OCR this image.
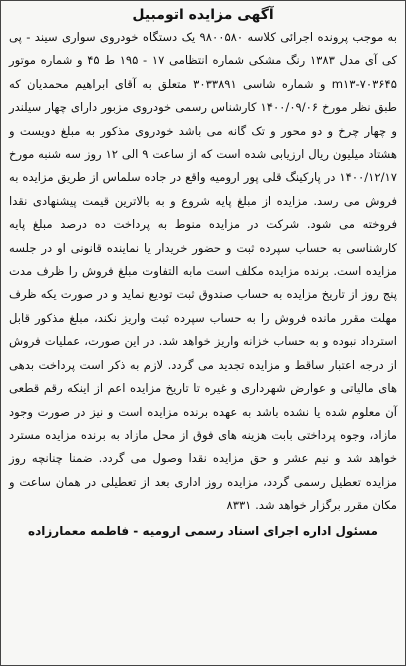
آگهی مزایده اتومبیل
به موجب پرونده اجرائی کلاسه ۹۸۰۰۵۸۰ یک دستگاه خودروی سواری سیند - پی کی آی مدل ۱۳۸۳ رنگ مشکی شماره انتظامی ۱۷ - ۱۹۵ ط ۴۵ و شماره موتور ۷۰۳۶۴۵-m۱۳ و شماره شاسی ۳۰۳۳۸۹۱ متعلق به آقای ابراهیم محمدیان که طبق نظر مورخ ۱۴۰۰/۰۹/۰۶ کارشناس رسمی خودروی مزبور دارای چهار سیلندر و چهار چرخ و دو محور و تک گانه می باشد خودروی مذکور به مبلغ دویست و هشتاد میلیون ریال ارزیابی شده است که از ساعت ۹ الی ۱۲ روز سه شنبه مورخ ۱۴۰۰/۱۲/۱۷ در پارکینگ قلی پور ارومیه واقع در جاده سلماس از طریق مزایده به فروش می رسد. مزایده از مبلغ پایه شروع و به بالاترین قیمت پیشنهادی نقدا فروخته می شود. شرکت در مزایده منوط به پرداخت ده درصد مبلغ پایه کارشناسی به حساب سپرده ثبت و حضور خریدار یا نماینده قانونی او در جلسه مزایده است. برنده مزایده مکلف است مابه التفاوت مبلغ فروش را ظرف مدت پنج روز از تاریخ مزایده به حساب صندوق ثبت تودیع نماید و در صورت یکه ظرف مهلت مقرر مانده فروش را به حساب سپرده ثبت واریز نکند، مبلغ مذکور قابل استرداد نبوده و به حساب خزانه واریز خواهد شد. در این صورت، عملیات فروش از درجه اعتبار ساقط و مزایده تجدید می گردد. لازم به ذکر است پرداخت بدهی های مالیاتی و عوارض شهرداری و غیره تا تاریخ مزایده اعم از اینکه رقم قطعی آن معلوم شده یا نشده باشد به عهده برنده مزایده است و نیز در صورت وجود مازاد، وجوه پرداختی بابت هزینه های فوق از محل مازاد به برنده مزایده مسترد خواهد شد و نیم عشر و حق مزایده نقدا وصول می گردد. ضمنا چنانچه روز مزایده تعطیل رسمی گردد، مزایده روز اداری بعد از تعطیلی در همان ساعت و مکان مقرر برگزار خواهد شد. ۸۳۳۱
مسئول اداره اجرای اسناد رسمی ارومیه - فاطمه معمارزاده
